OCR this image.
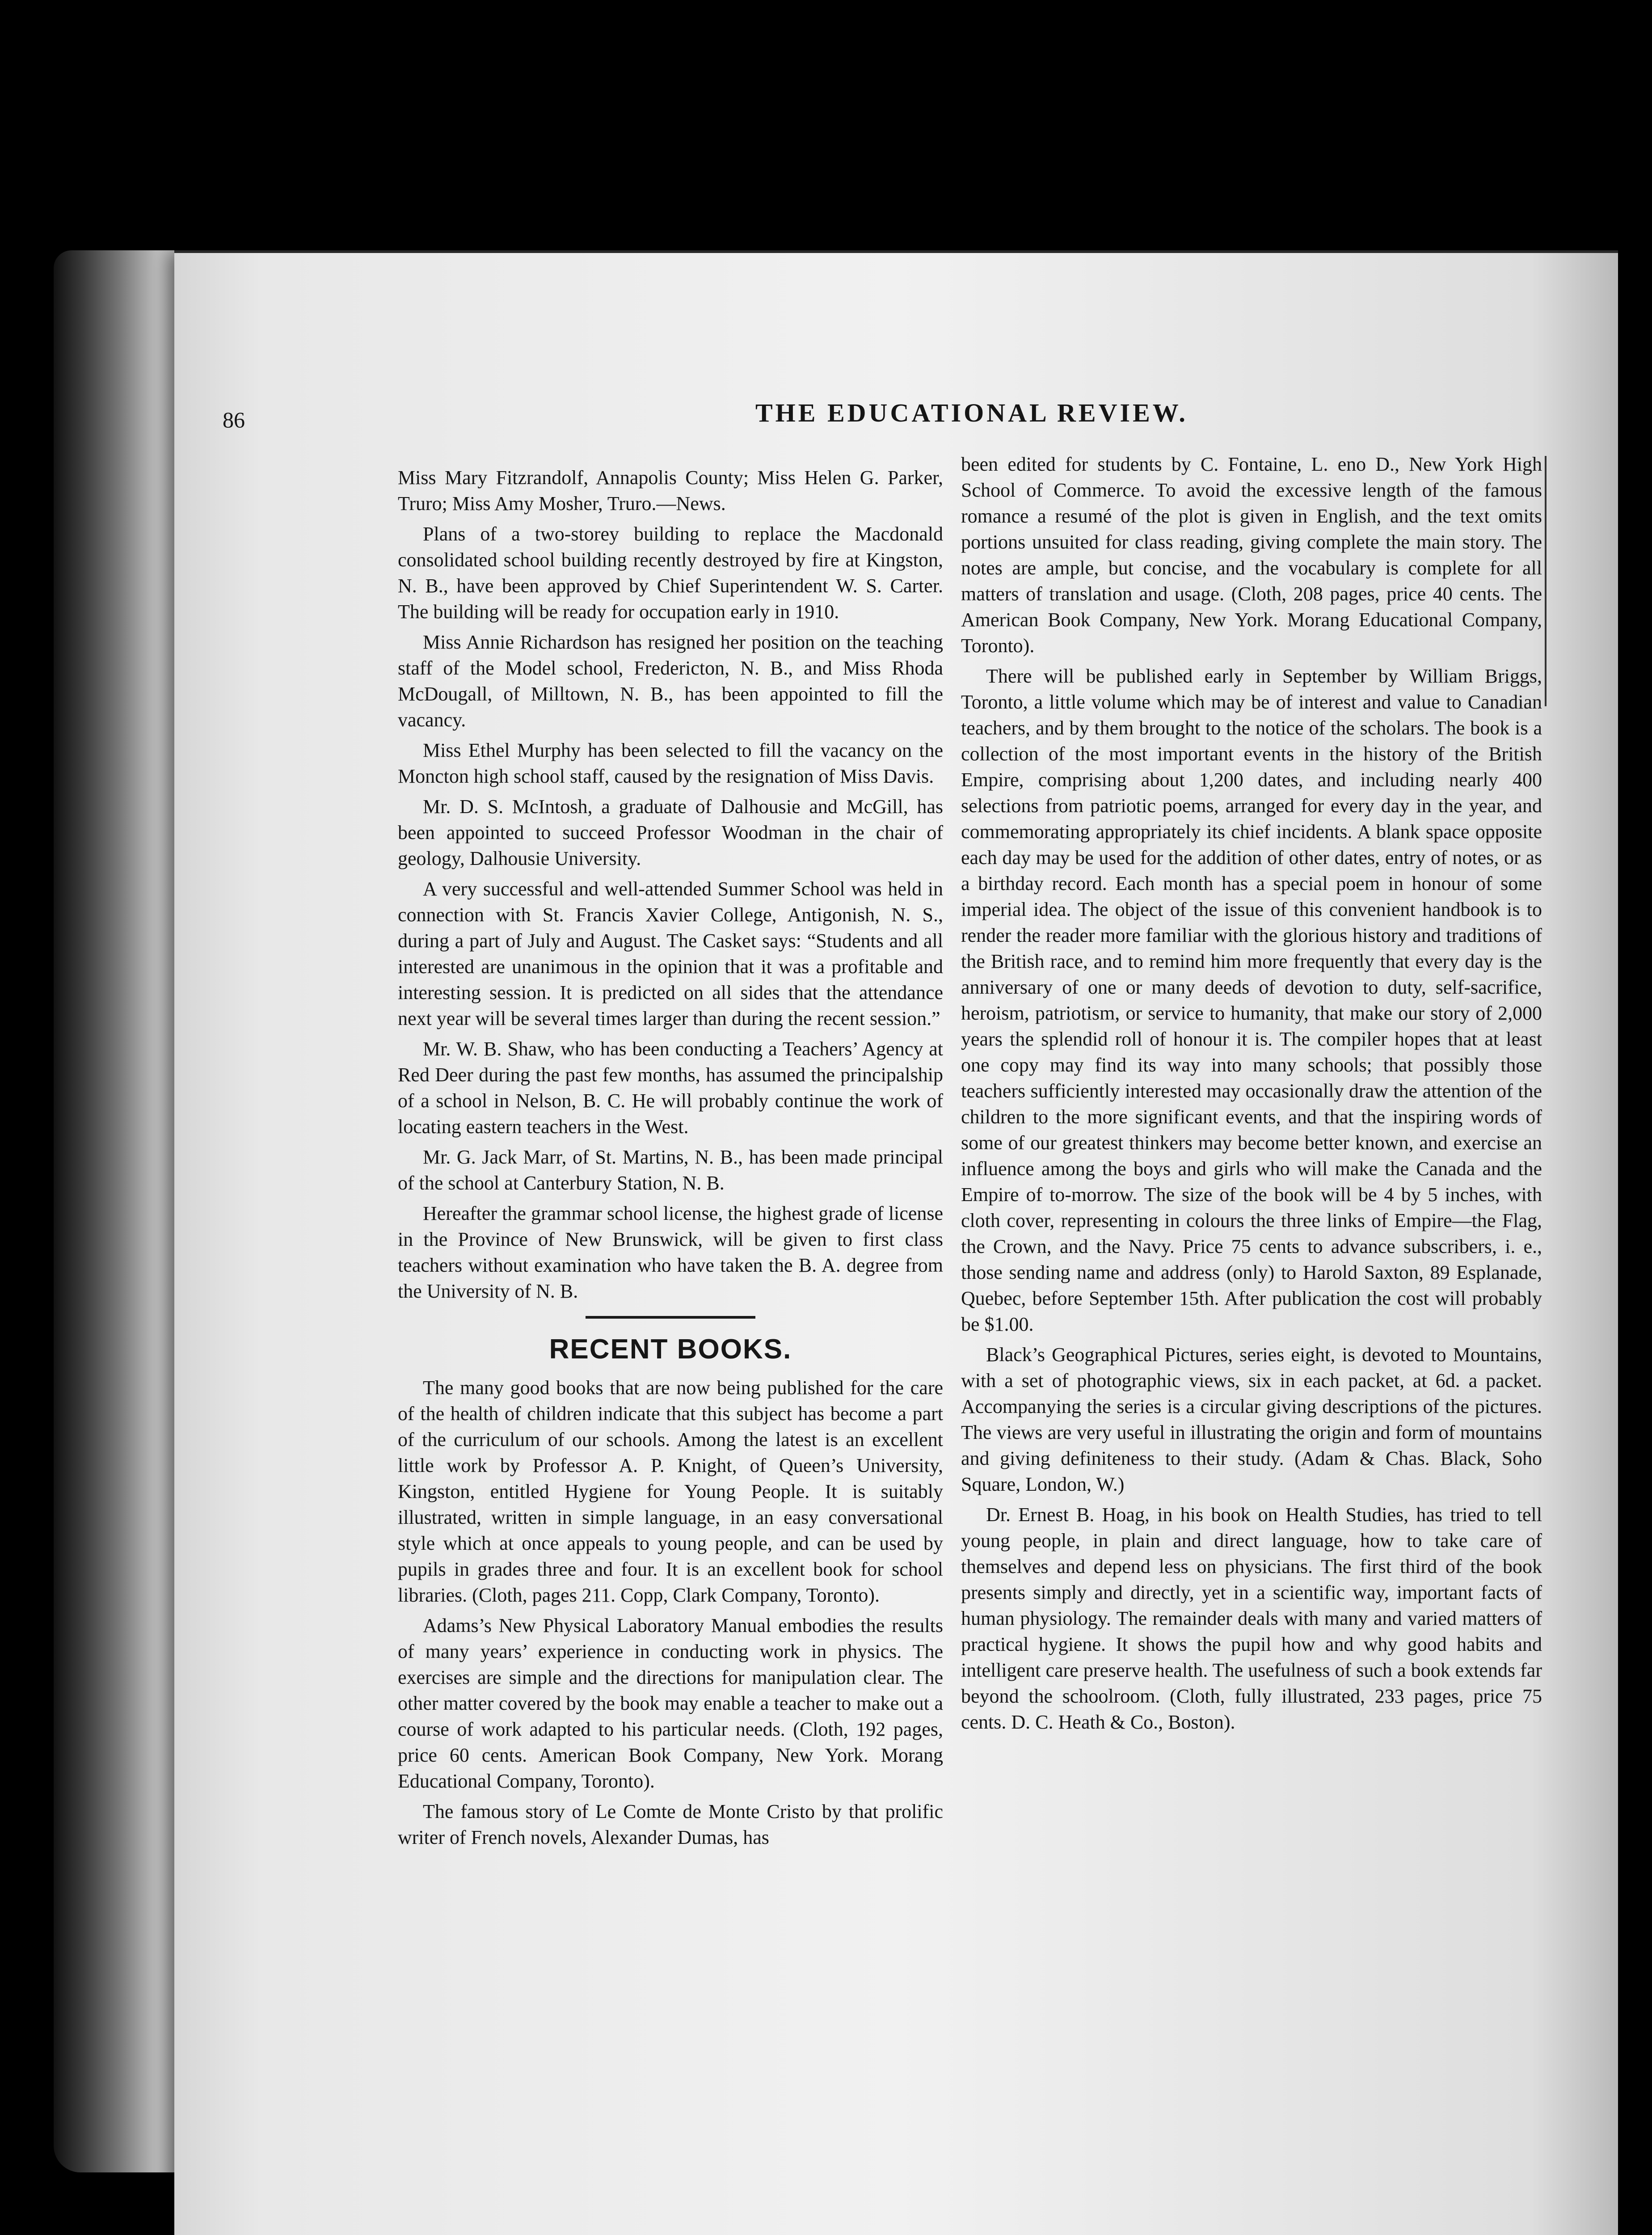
86	THE EDUCATIONAL REVIEW.

Miss Mary Fitzrandolf, Annapolis County; Miss Helen G. Parker, Truro; Miss Amy Mosher, Truro.—News.

Plans of a two-storey building to replace the Macdonald consolidated school building recently destroyed by fire at Kingston, N. B., have been approved by Chief Superintendent W. S. Carter. The building will be ready for occupation early in 1910.

Miss Annie Richardson has resigned her position on the teaching staff of the Model school, Fredericton, N. B., and Miss Rhoda McDougall, of Milltown, N. B., has been appointed to fill the vacancy.

Miss Ethel Murphy has been selected to fill the vacancy on the Moncton high school staff, caused by the resignation of Miss Davis.

Mr. D. S. McIntosh, a graduate of Dalhousie and McGill, has been appointed to succeed Professor Woodman in the chair of geology, Dalhousie University.

A very successful and well-attended Summer School was held in connection with St. Francis Xavier College, Antigonish, N. S., during a part of July and August. The Casket says: “Students and all interested are unanimous in the opinion that it was a profitable and interesting session. It is predicted on all sides that the attendance next year will be several times larger than during the recent session.”

Mr. W. B. Shaw, who has been conducting a Teachers’ Agency at Red Deer during the past few months, has assumed the principalship of a school in Nelson, B. C. He will probably continue the work of locating eastern teachers in the West.

Mr. G. Jack Marr, of St. Martins, N. B., has been made principal of the school at Canterbury Station, N. B.

Hereafter the grammar school license, the highest grade of license in the Province of New Brunswick, will be given to first class teachers without examination who have taken the B. A. degree from the University of N. B.

RECENT BOOKS.

The many good books that are now being published for the care of the health of children indicate that this subject has become a part of the curriculum of our schools. Among the latest is an excellent little work by Professor A. P. Knight, of Queen’s University, Kingston, entitled Hygiene for Young People. It is suitably illustrated, written in simple language, in an easy conversational style which at once appeals to young people, and can be used by pupils in grades three and four. It is an excellent book for school libraries. (Cloth, pages 211. Copp, Clark Company, Toronto).

Adams’s New Physical Laboratory Manual embodies the results of many years’ experience in conducting work in physics. The exercises are simple and the directions for manipulation clear. The other matter covered by the book may enable a teacher to make out a course of work adapted to his particular needs. (Cloth, 192 pages, price 60 cents. American Book Company, New York. Morang Educational Company, Toronto).

The famous story of Le Comte de Monte Cristo by that prolific writer of French novels, Alexander Dumas, has

been edited for students by C. Fontaine, L. eno D., New York High School of Commerce. To avoid the excessive length of the famous romance a resumé of the plot is given in English, and the text omits portions unsuited for class reading, giving complete the main story. The notes are ample, but concise, and the vocabulary is complete for all matters of translation and usage. (Cloth, 208 pages, price 40 cents. The American Book Company, New York. Morang Educational Company, Toronto).

There will be published early in September by William Briggs, Toronto, a little volume which may be of interest and value to Canadian teachers, and by them brought to the notice of the scholars. The book is a collection of the most important events in the history of the British Empire, comprising about 1,200 dates, and including nearly 400 selections from patriotic poems, arranged for every day in the year, and commemorating appropriately its chief incidents. A blank space opposite each day may be used for the addition of other dates, entry of notes, or as a birthday record. Each month has a special poem in honour of some imperial idea. The object of the issue of this convenient handbook is to render the reader more familiar with the glorious history and traditions of the British race, and to remind him more frequently that every day is the anniversary of one or many deeds of devotion to duty, self-sacrifice, heroism, patriotism, or service to humanity, that make our story of 2,000 years the splendid roll of honour it is. The compiler hopes that at least one copy may find its way into many schools; that possibly those teachers sufficiently interested may occasionally draw the attention of the children to the more significant events, and that the inspiring words of some of our greatest thinkers may become better known, and exercise an influence among the boys and girls who will make the Canada and the Empire of to-morrow. The size of the book will be 4 by 5 inches, with cloth cover, representing in colours the three links of Empire—the Flag, the Crown, and the Navy. Price 75 cents to advance subscribers, i. e., those sending name and address (only) to Harold Saxton, 89 Esplanade, Quebec, before September 15th. After publication the cost will probably be $1.00.

Black’s Geographical Pictures, series eight, is devoted to Mountains, with a set of photographic views, six in each packet, at 6d. a packet. Accompanying the series is a circular giving descriptions of the pictures. The views are very useful in illustrating the origin and form of mountains and giving definiteness to their study. (Adam & Chas. Black, Soho Square, London, W.)

Dr. Ernest B. Hoag, in his book on Health Studies, has tried to tell young people, in plain and direct language, how to take care of themselves and depend less on physicians. The first third of the book presents simply and directly, yet in a scientific way, important facts of human physiology. The remainder deals with many and varied matters of practical hygiene. It shows the pupil how and why good habits and intelligent care preserve health. The usefulness of such a book extends far beyond the schoolroom. (Cloth, fully illustrated, 233 pages, price 75 cents. D. C. Heath & Co., Boston).
